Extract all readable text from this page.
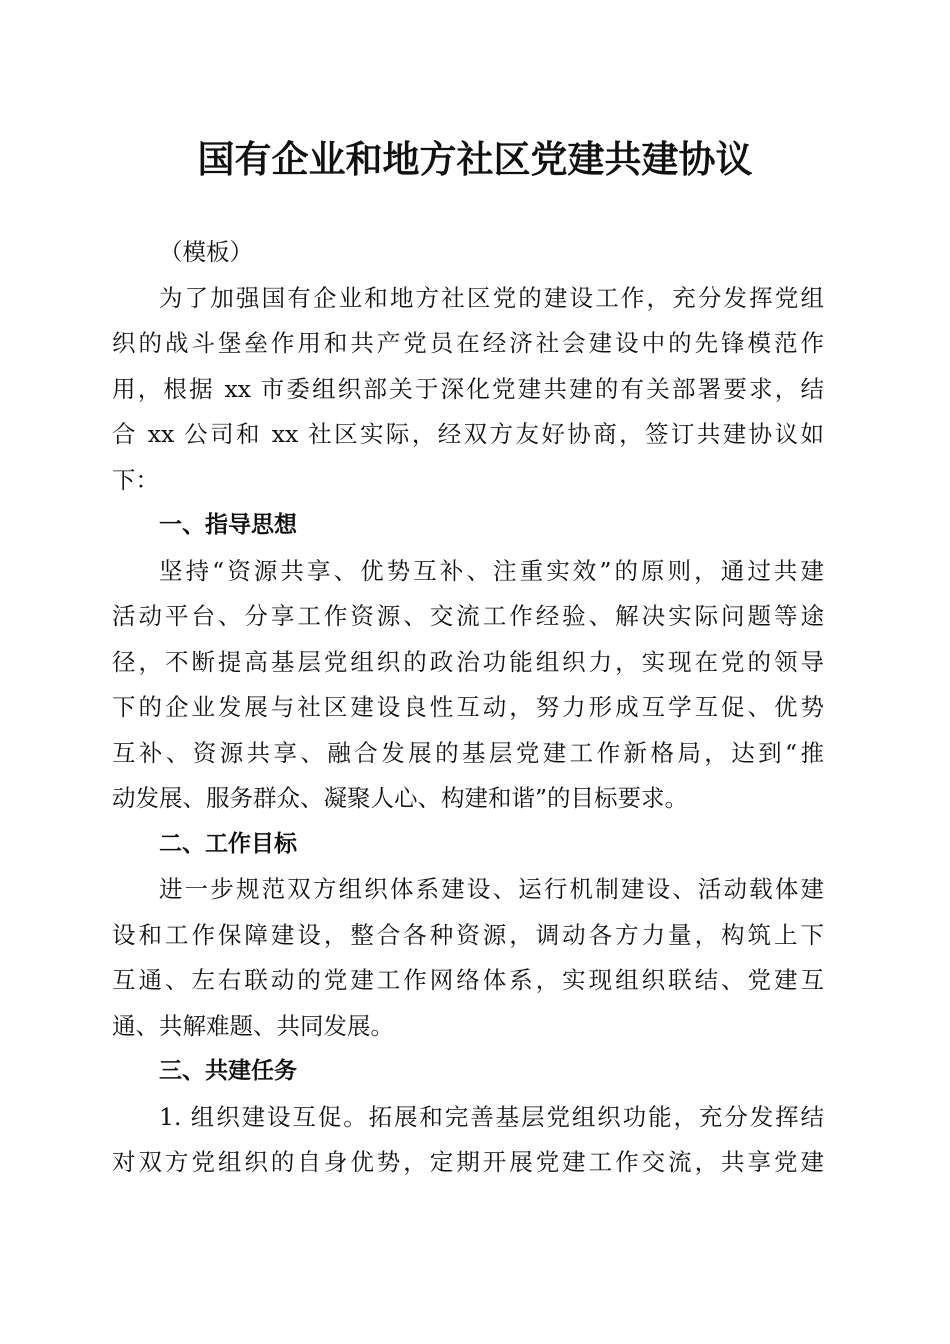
国有企业和地方社区党建共建协议
（模板）
为了加强国有企业和地方社区党的建设工作，充分发挥党组
织的战斗堡垒作用和共产党员在经济社会建设中的先锋模范作
用，根据 xx 市委组织部关于深化党建共建的有关部署要求，结
合 xx 公司和 xx 社区实际，经双方友好协商，签订共建协议如
下：
一、指导思想
坚持“资源共享、优势互补、注重实效”的原则，通过共建
活动平台、分享工作资源、交流工作经验、解决实际问题等途
径，不断提高基层党组织的政治功能组织力，实现在党的领导
下的企业发展与社区建设良性互动，努力形成互学互促、优势
互补、资源共享、融合发展的基层党建工作新格局，达到“推
动发展、服务群众、凝聚人心、构建和谐”的目标要求。
二、工作目标
进一步规范双方组织体系建设、运行机制建设、活动载体建
设和工作保障建设，整合各种资源，调动各方力量，构筑上下
互通、左右联动的党建工作网络体系，实现组织联结、党建互
通、共解难题、共同发展。
三、共建任务
1. 组织建设互促。拓展和完善基层党组织功能，充分发挥结
对双方党组织的自身优势，定期开展党建工作交流，共享党建
